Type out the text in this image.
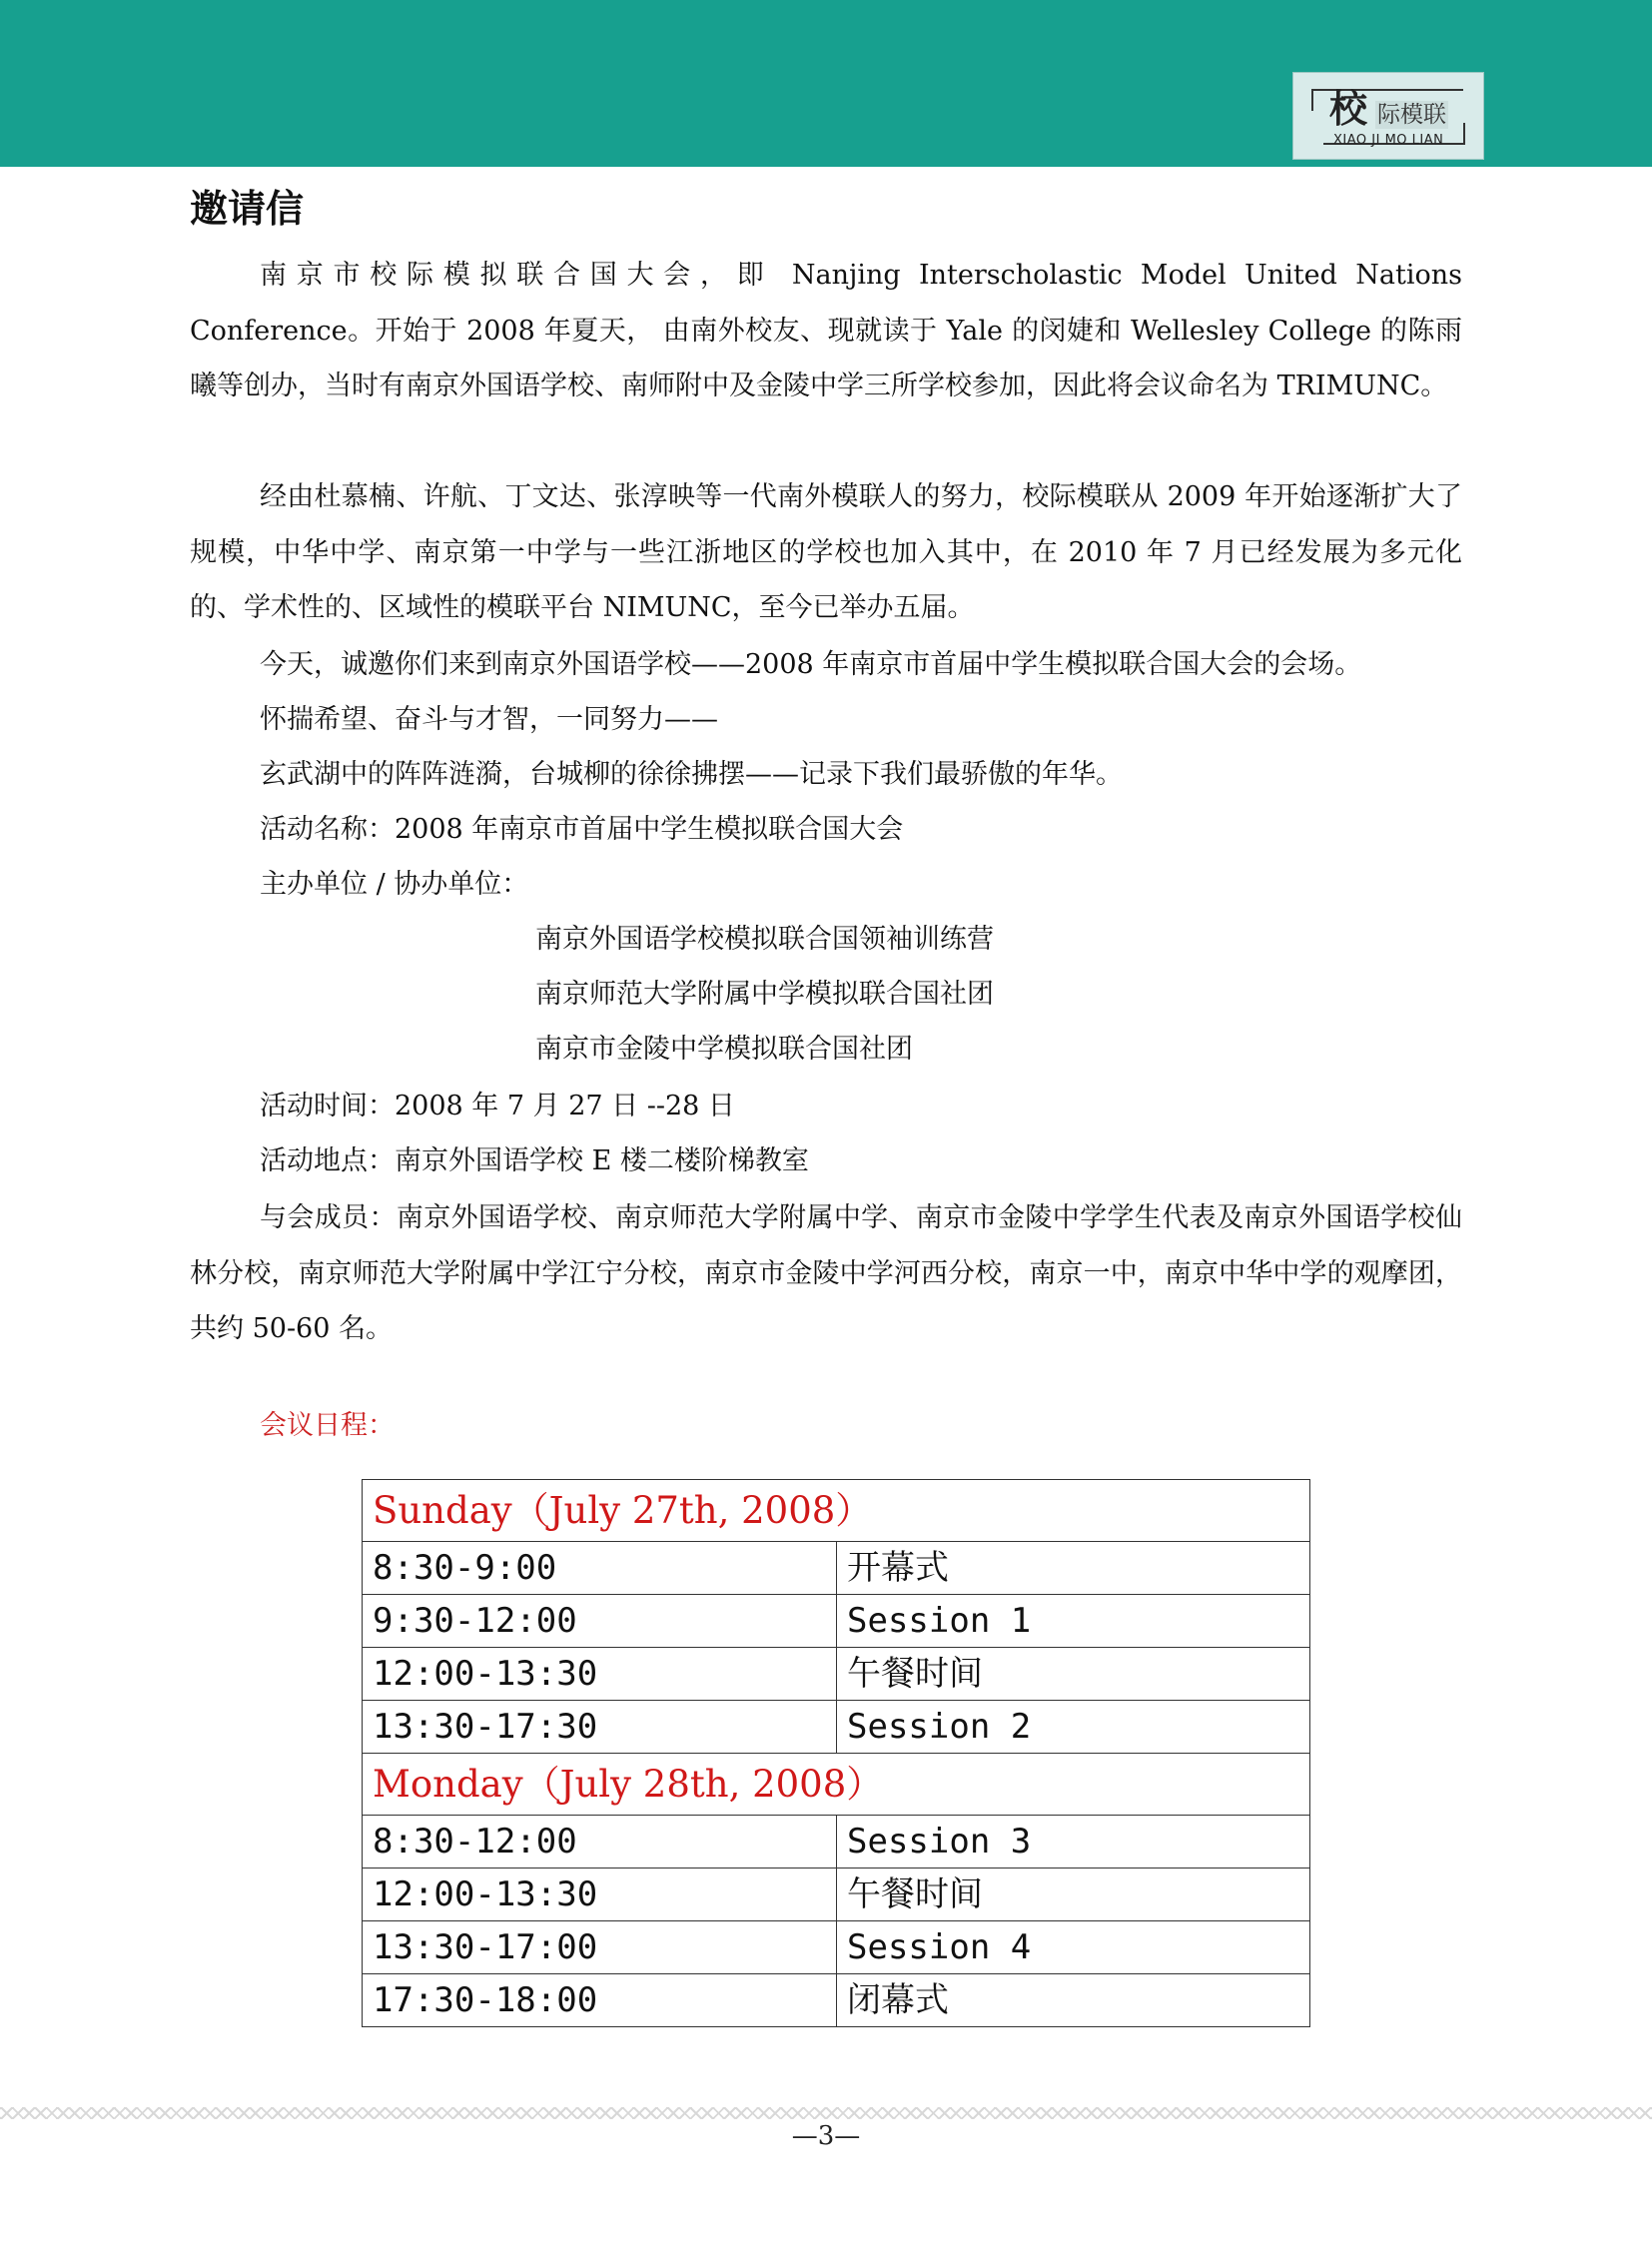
校 际模联
XIAO JI MO LIAN
邀请信

南京市校际模拟联合国大会，即 Nanjing Interscholastic Model United Nations Conference。开始于 2008 年夏天， 由南外校友、现就读于 Yale 的闵婕和 Wellesley College 的陈雨曦等创办，当时有南京外国语学校、南师附中及金陵中学三所学校参加，因此将会议命名为 TRIMUNC。

经由杜慕楠、许航、丁文达、张淳映等一代南外模联人的努力，校际模联从 2009 年开始逐渐扩大了规模，中华中学、南京第一中学与一些江浙地区的学校也加入其中，在 2010 年 7 月已经发展为多元化的、学术性的、区域性的模联平台 NIMUNC，至今已举办五届。

今天，诚邀你们来到南京外国语学校——2008 年南京市首届中学生模拟联合国大会的会场。

怀揣希望、奋斗与才智，一同努力——

玄武湖中的阵阵涟漪，台城柳的徐徐拂摆——记录下我们最骄傲的年华。

活动名称：2008 年南京市首届中学生模拟联合国大会

主办单位 / 协办单位：

南京外国语学校模拟联合国领袖训练营

南京师范大学附属中学模拟联合国社团

南京市金陵中学模拟联合国社团

活动时间：2008 年 7 月 27 日 --28 日

活动地点：南京外国语学校 E 楼二楼阶梯教室

与会成员：南京外国语学校、南京师范大学附属中学、南京市金陵中学学生代表及南京外国语学校仙林分校，南京师范大学附属中学江宁分校，南京市金陵中学河西分校，南京一中，南京中华中学的观摩团，共约 50-60 名。

会议日程：

Sunday（July 27th, 2008）	
8:30-9:00	开幕式
9:30-12:00	Session 1
12:00-13:30	午餐时间
13:30-17:30	Session 2
Monday（July 28th, 2008）	
8:30-12:00	Session 3
12:00-13:30	午餐时间
13:30-17:00	Session 4
17:30-18:00	闭幕式

—3—
